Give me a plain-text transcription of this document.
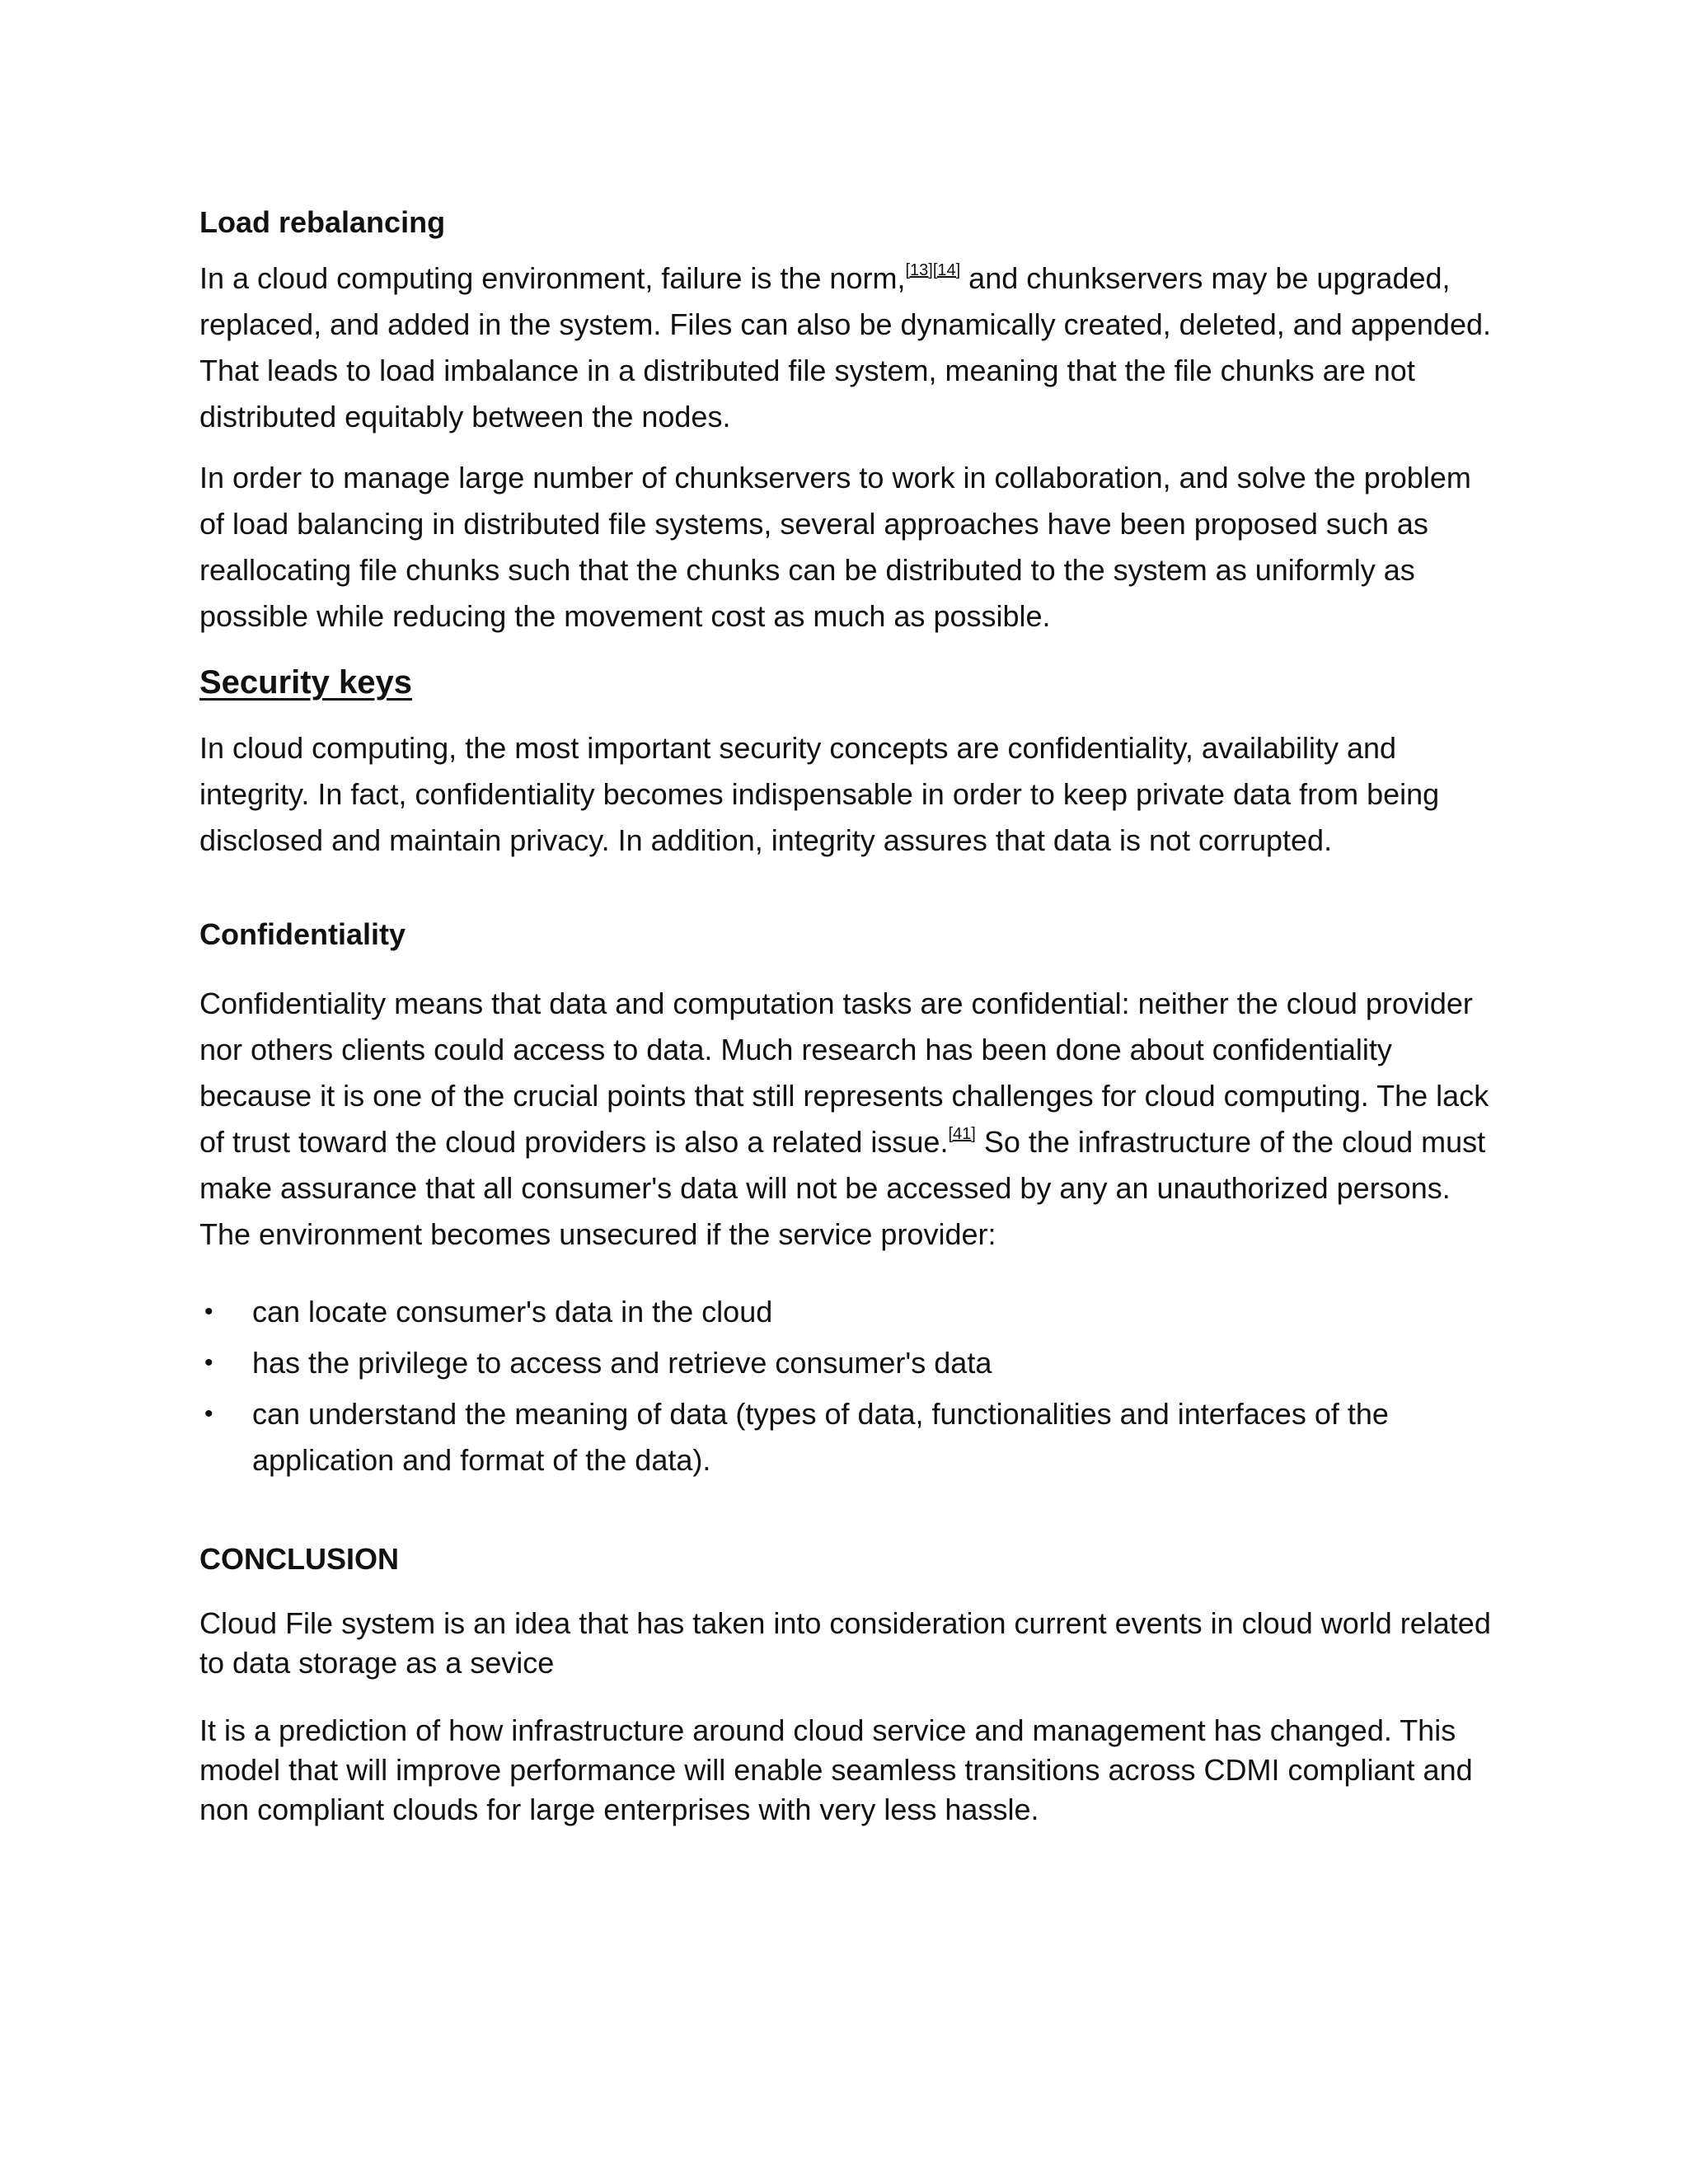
Load rebalancing

In a cloud computing environment, failure is the norm,[13][14] and chunkservers may be upgraded, replaced, and added in the system. Files can also be dynamically created, deleted, and appended. That leads to load imbalance in a distributed file system, meaning that the file chunks are not distributed equitably between the nodes.

In order to manage large number of chunkservers to work in collaboration, and solve the problem of load balancing in distributed file systems, several approaches have been proposed such as reallocating file chunks such that the chunks can be distributed to the system as uniformly as possible while reducing the movement cost as much as possible.

Security keys

In cloud computing, the most important security concepts are confidentiality, availability and integrity. In fact, confidentiality becomes indispensable in order to keep private data from being disclosed and maintain privacy. In addition, integrity assures that data is not corrupted.

Confidentiality

Confidentiality means that data and computation tasks are confidential: neither the cloud provider nor others clients could access to data. Much research has been done about confidentiality because it is one of the crucial points that still represents challenges for cloud computing. The lack of trust toward the cloud providers is also a related issue.[41] So the infrastructure of the cloud must make assurance that all consumer's data will not be accessed by any an unauthorized persons. The environment becomes unsecured if the service provider:

• can locate consumer's data in the cloud
• has the privilege to access and retrieve consumer's data
• can understand the meaning of data (types of data, functionalities and interfaces of the application and format of the data).
CONCLUSION

Cloud File system is an idea that has taken into consideration current events in cloud world related to data storage as a sevice

It is a prediction of how infrastructure around cloud service and management has changed. This model that will improve performance will enable seamless transitions across CDMI compliant and non compliant clouds for large enterprises with very less hassle.
